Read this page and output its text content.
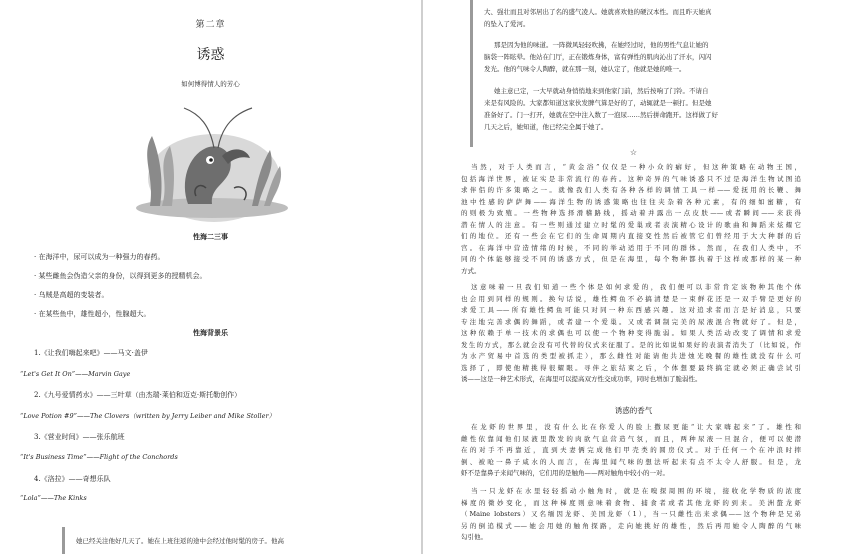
第二章
诱惑
如何博得情人的芳心
性海二三事
· 在海洋中，尿可以成为一种强力的春药。
· 某些雌鱼会伪造父亲的身份，以得到更多的授精机会。
· 乌贼是高超的变装者。
· 在某些鱼中，雄性超小，性腺超大。
性海背景乐
1.《让我们嗨起来吧》——马文·盖伊
“Let's Get It On”——Marvin Gaye
2.《九号爱情药水》——三叶草（由杰瑞·莱伯和迈克·斯托勒创作）
“Love Potion #9”——The Clovers（written by Jerry Leiber and Mike Stoller）
3.《营业时间》——张乐航班
“It's Business Time”——Flight of the Conchords
4.《洛拉》——奇想乐队
“Lola”——The Kinks
她已经关注他好几天了。她在上班往返的途中会经过他时髦的房子。他高
大、强壮而且对邻居出了名的盛气凌人。她就喜欢他的硬汉本性。而且昨天她真
的坠入了爱河。
那是因为他的味道。一阵微风轻轻吹拂，在她经过时，他的男性气息让她的
脑袋一阵眩晕。他站在门厅，正在锻炼身体，富有弹性的肌肉沁出了汗水，闪闪
发光。他的气味令人陶醉，就在那一刻，她认定了，他就是她的唯一。
她主意已定，一大早就动身悄悄地来到他家门前，然后按响了门铃。不请自
来是有风险的。大家都知道这家伙发脾气算是好的了，动辄就是一顿打。但是她
准备好了。门一打开，她就在空中注入数了一泡尿……然后拼命跑开。这样做了好
几天之后，她知道，他已经完全属于她了。
☆
当然，对于人类而言，“黄金浴”仅仅是一种小众的癖好，但这种策略在动物王国，
包括海洋世界，被证实是非常流行的春药。这种奇异的气味诱惑只不过是海洋生物试图追
求伴侣的许多策略之一。就像我们人类有各种各样的调情工具一样——爱抚用的长鞭、舞
池中性感的萨萨舞——海洋生物的诱惑策略也往往夹杂着各种元素，有的细如蜜糖，有
的则极为致殖。一些物种选择滑稽路线，摇动着并露出一点皮肤——或者瞬间——来获得
潜在情人的注意。有一些则通过建立时髦的爱巢或者表演精心设计的歌曲和舞蹈来炫耀它
们的地位。还有一些会在它们的生命周期内直接变性然后被管它们曾经用于大大种群的后
宫。在海洋中营造情绪的时候，不同的举动适用于不同的群体。然而，在我们人类中，不
同的个体能够接受不同的诱惑方式，但是在海里，每个物种都执着于这样或那样的某一种
方式。
这意味着一旦我们知道一些个体是如何求爱的，我们便可以非常肯定该物种其他个体
也会用到同样的规则。换句话说，雄性鳄鱼不必搞清楚是一束鲜花还是一双手臂是更好的
求爱工具——所有雄性鳄鱼可能只对同一种东西感兴趣。这对追求者而言是好消息，只要
专注地完善求偶的舞蹈，或者建一个爱巢。又或者调制完美的尿液混合物就好了。但是，
这种依赖于单一技术的求偶也可以使一个物种变得脆弱。如果人类活动改变了调情和求爱
发生的方式，那么就会没有可代替的仪式来征服了。是的比如说如果好的表演者消失了（比如说，作
为水产贸易中首选的类型被抓走），那么雌性对能请他共进烛光晚餐的雄性就没有什么可
选择了，即使他精挑得很耀眼。寻伴之旅结束之后，个体想要最终搞定就必须正确尝试引
诱——这是一种艺术形式，在海里可以提高双方性交成功率，同时也增加了脆弱性。
诱惑的香气
在龙虾的世界里，没有什么比在你爱人的脸上撒尿更能“让大家嗨起来”了。雄性和
雌性依靠闻他们尿液里散发的肉欲气息营造气氛，而且，两种尿液一旦混合，便可以使潜
在的对手不再靠近，直到夫妻俩完成他们甲壳类的圆房仪式。对于任何一个在冲浪时摔
倒、被呛一鼻子咸水的人而言，在海里闻气味的想法听起来有点不太令人舒服。但是，龙
虾不是靠鼻子来闻气味的，它们用的是触角——两对触角中较小的一对。
当一只龙虾在水里轻轻摇动小触角时，就是在嗅探周围的环境，接收化学物质的浓度
梯度的微妙变化，而这种梯度则意味着食物、捕食者或者其他龙虾的到来。美洲螯龙虾
（Maine lobsters）又名缅因龙虾、美国龙虾（1），当一只雌性出来求偶——这个物种是兄弟
另的倒追模式——她会用她的触角探路，走向她挑好的雄性，然后再用她令人陶醉的气味
勾引他。
